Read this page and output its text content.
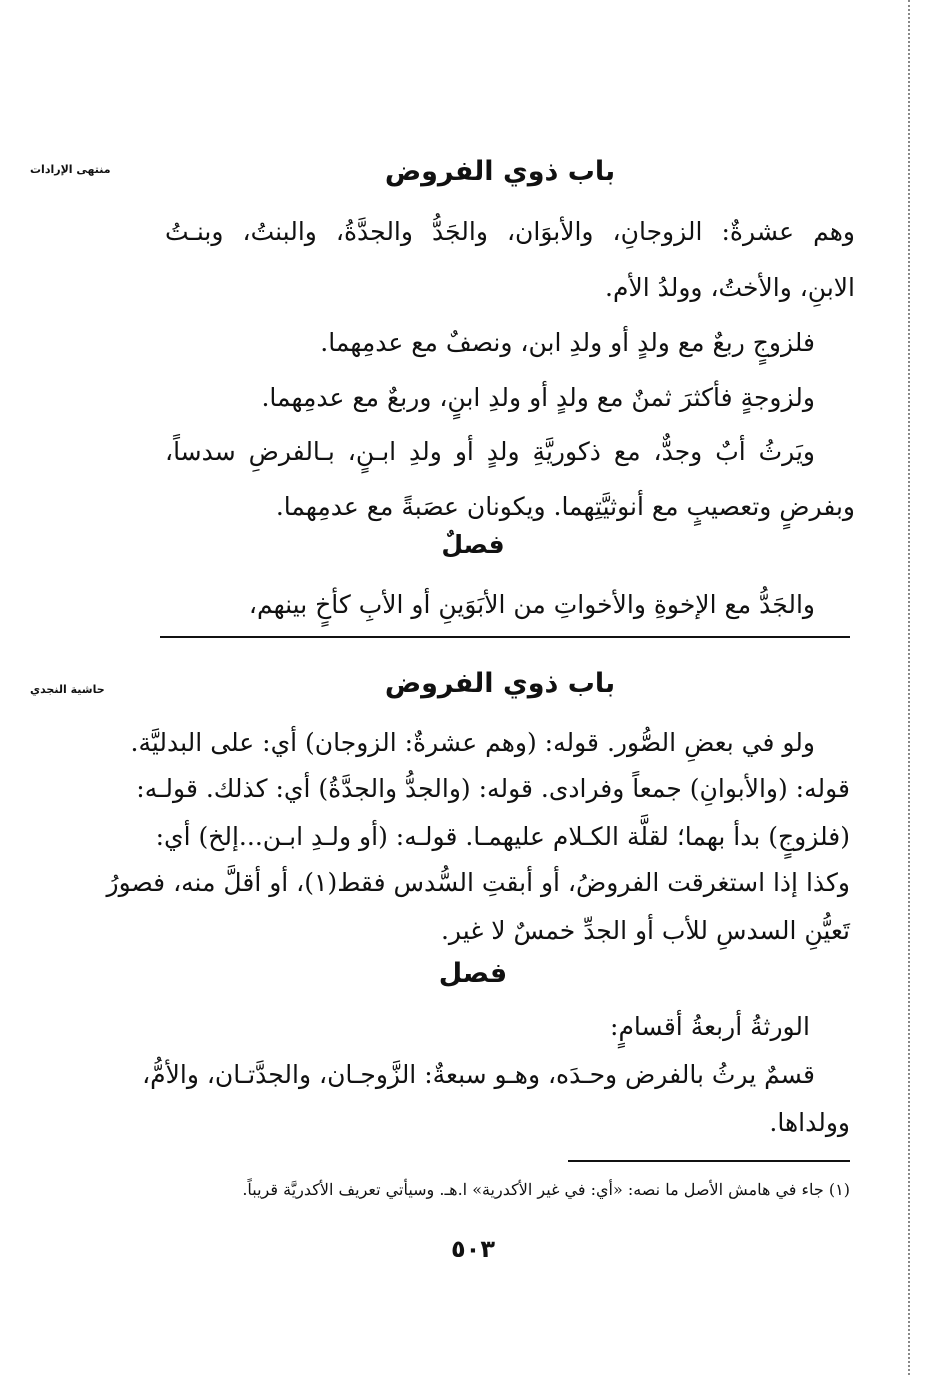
منتهى الإرادات	باب ذوي الفروض
وهم عشرةٌ: الزوجانِ، والأبوَان، والجَدُّ والجدَّةُ، والبنتُ، وبنـتُ
الابنِ، والأختُ، وولدُ الأم.
فلزوجٍ ربعٌ مع ولدٍ أو ولدِ ابن، ونصفٌ مع عدمِهما.
ولزوجةٍ فأكثرَ ثمنٌ مع ولدٍ أو ولدِ ابنٍ، وربعٌ مع عدمِهما.
ويَرثُ أبٌ وجدٌّ، مع ذكوريَّةِ ولدٍ أو ولدِ ابـنٍ، بـالفرضِ سدساً،
وبفرضٍ وتعصيبٍ مع أنوثيَّتِهما. ويكونان عصَبةً مع عدمِهما.
فصلٌ
والجَدُّ مع الإخوةِ والأخواتِ من الأبَوَينِ أو الأبِ كأخٍ بينهم،
حاشية النجدي	باب ذوي الفروض
ولو في بعضِ الصُّور. قوله: (وهم عشرةٌ: الزوجان) أي: على البدليَّة.
قوله: (والأبوانِ) جمعاً وفرادى. قوله: (والجدُّ والجدَّةُ) أي: كذلك. قولـه:
(فلزوجٍ) بدأ بهما؛ لقلَّة الكـلام عليهمـا. قولـه: (أو ولـدِ ابـن...إلخ) أي:
وكذا إذا استغرقت الفروضُ، أو أبقتِ السُّدس فقط(١)، أو أقلَّ منه، فصورُ
تَعيُّنِ السدسِ للأب أو الجدِّ خمسٌ لا غير.
فصل
الورثةُ أربعةُ أقسامٍ:
قسمٌ يرثُ بالفرض وحـدَه، وهـو سبعةٌ: الزَّوجـان، والجدَّتـان، والأمُّ،
وولداها.
(١) جاء في هامش الأصل ما نصه: «أي: في غير الأكدرية» ا.هـ. وسيأتي تعريف الأكدريَّة قريباً.
٥٠٣
